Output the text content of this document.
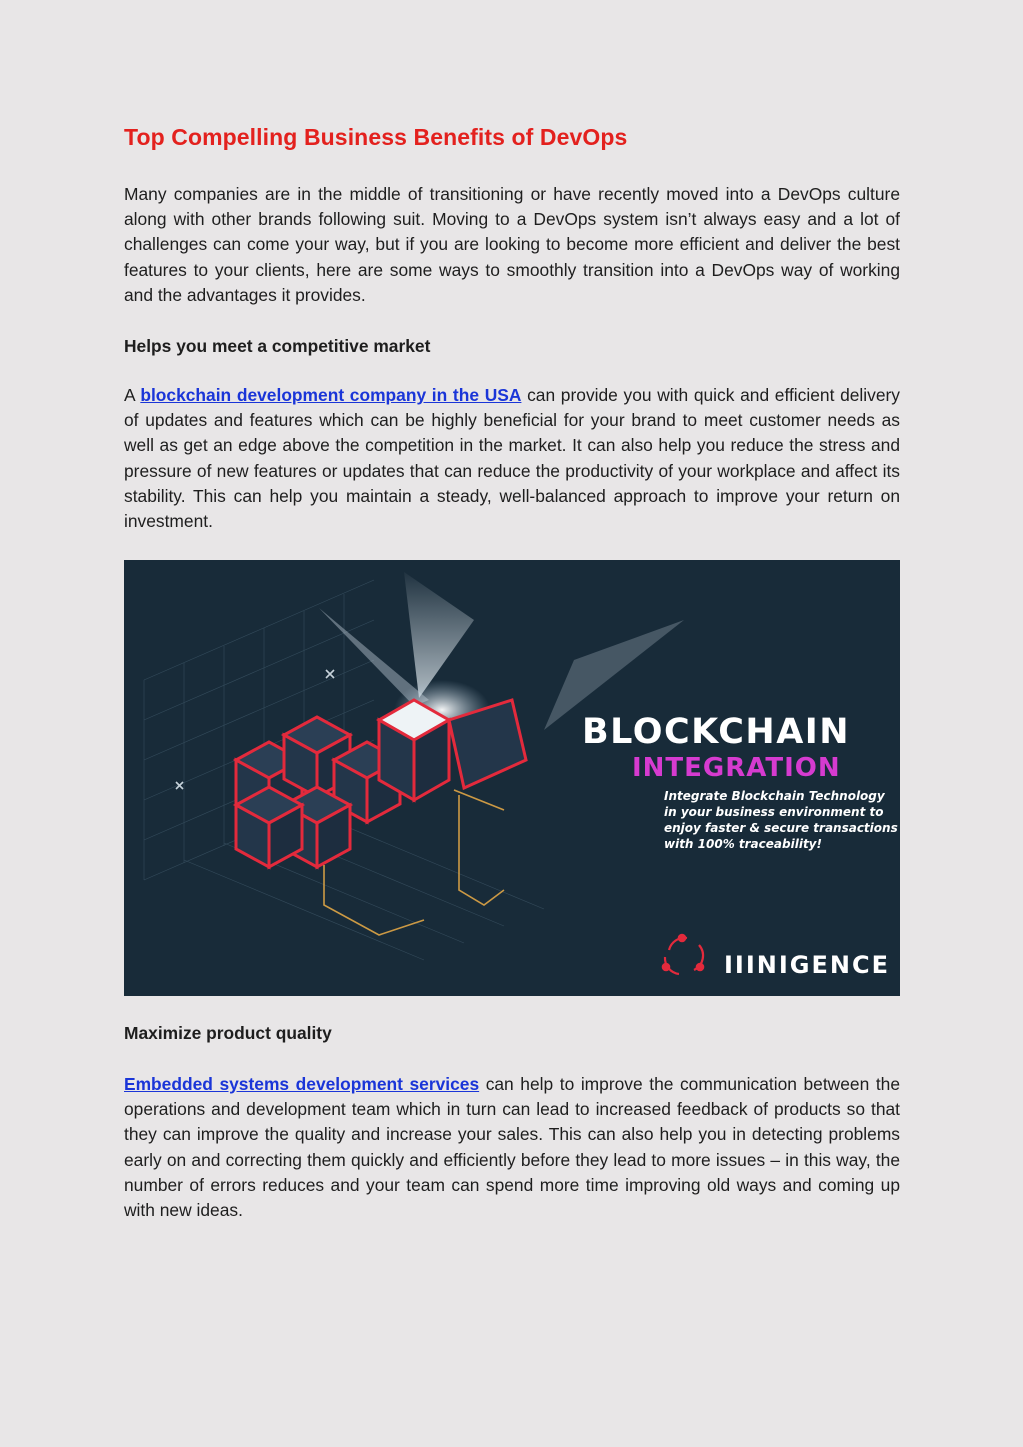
Top Compelling Business Benefits of DevOps

Many companies are in the middle of transitioning or have recently moved into a DevOps culture along with other brands following suit. Moving to a DevOps system isn’t always easy and a lot of challenges can come your way, but if you are looking to become more efficient and deliver the best features to your clients, here are some ways to smoothly transition into a DevOps way of working and the advantages it provides.

Helps you meet a competitive market

A blockchain development company in the USA can provide you with quick and efficient delivery of updates and features which can be highly beneficial for your brand to meet customer needs as well as get an edge above the competition in the market. It can also help you reduce the stress and pressure of new features or updates that can reduce the productivity of your workplace and affect its stability. This can help you maintain a steady, well-balanced approach to improve your return on investment.

BLOCKCHAIN
INTEGRATION
Integrate Blockchain Technology
in your business environment to
enjoy faster & secure transactions
with 100% traceability!
IIINIGENCE
Maximize product quality

Embedded systems development services can help to improve the communication between the operations and development team which in turn can lead to increased feedback of products so that they can improve the quality and increase your sales. This can also help you in detecting problems early on and correcting them quickly and efficiently before they lead to more issues – in this way, the number of errors reduces and your team can spend more time improving old ways and coming up with new ideas.
